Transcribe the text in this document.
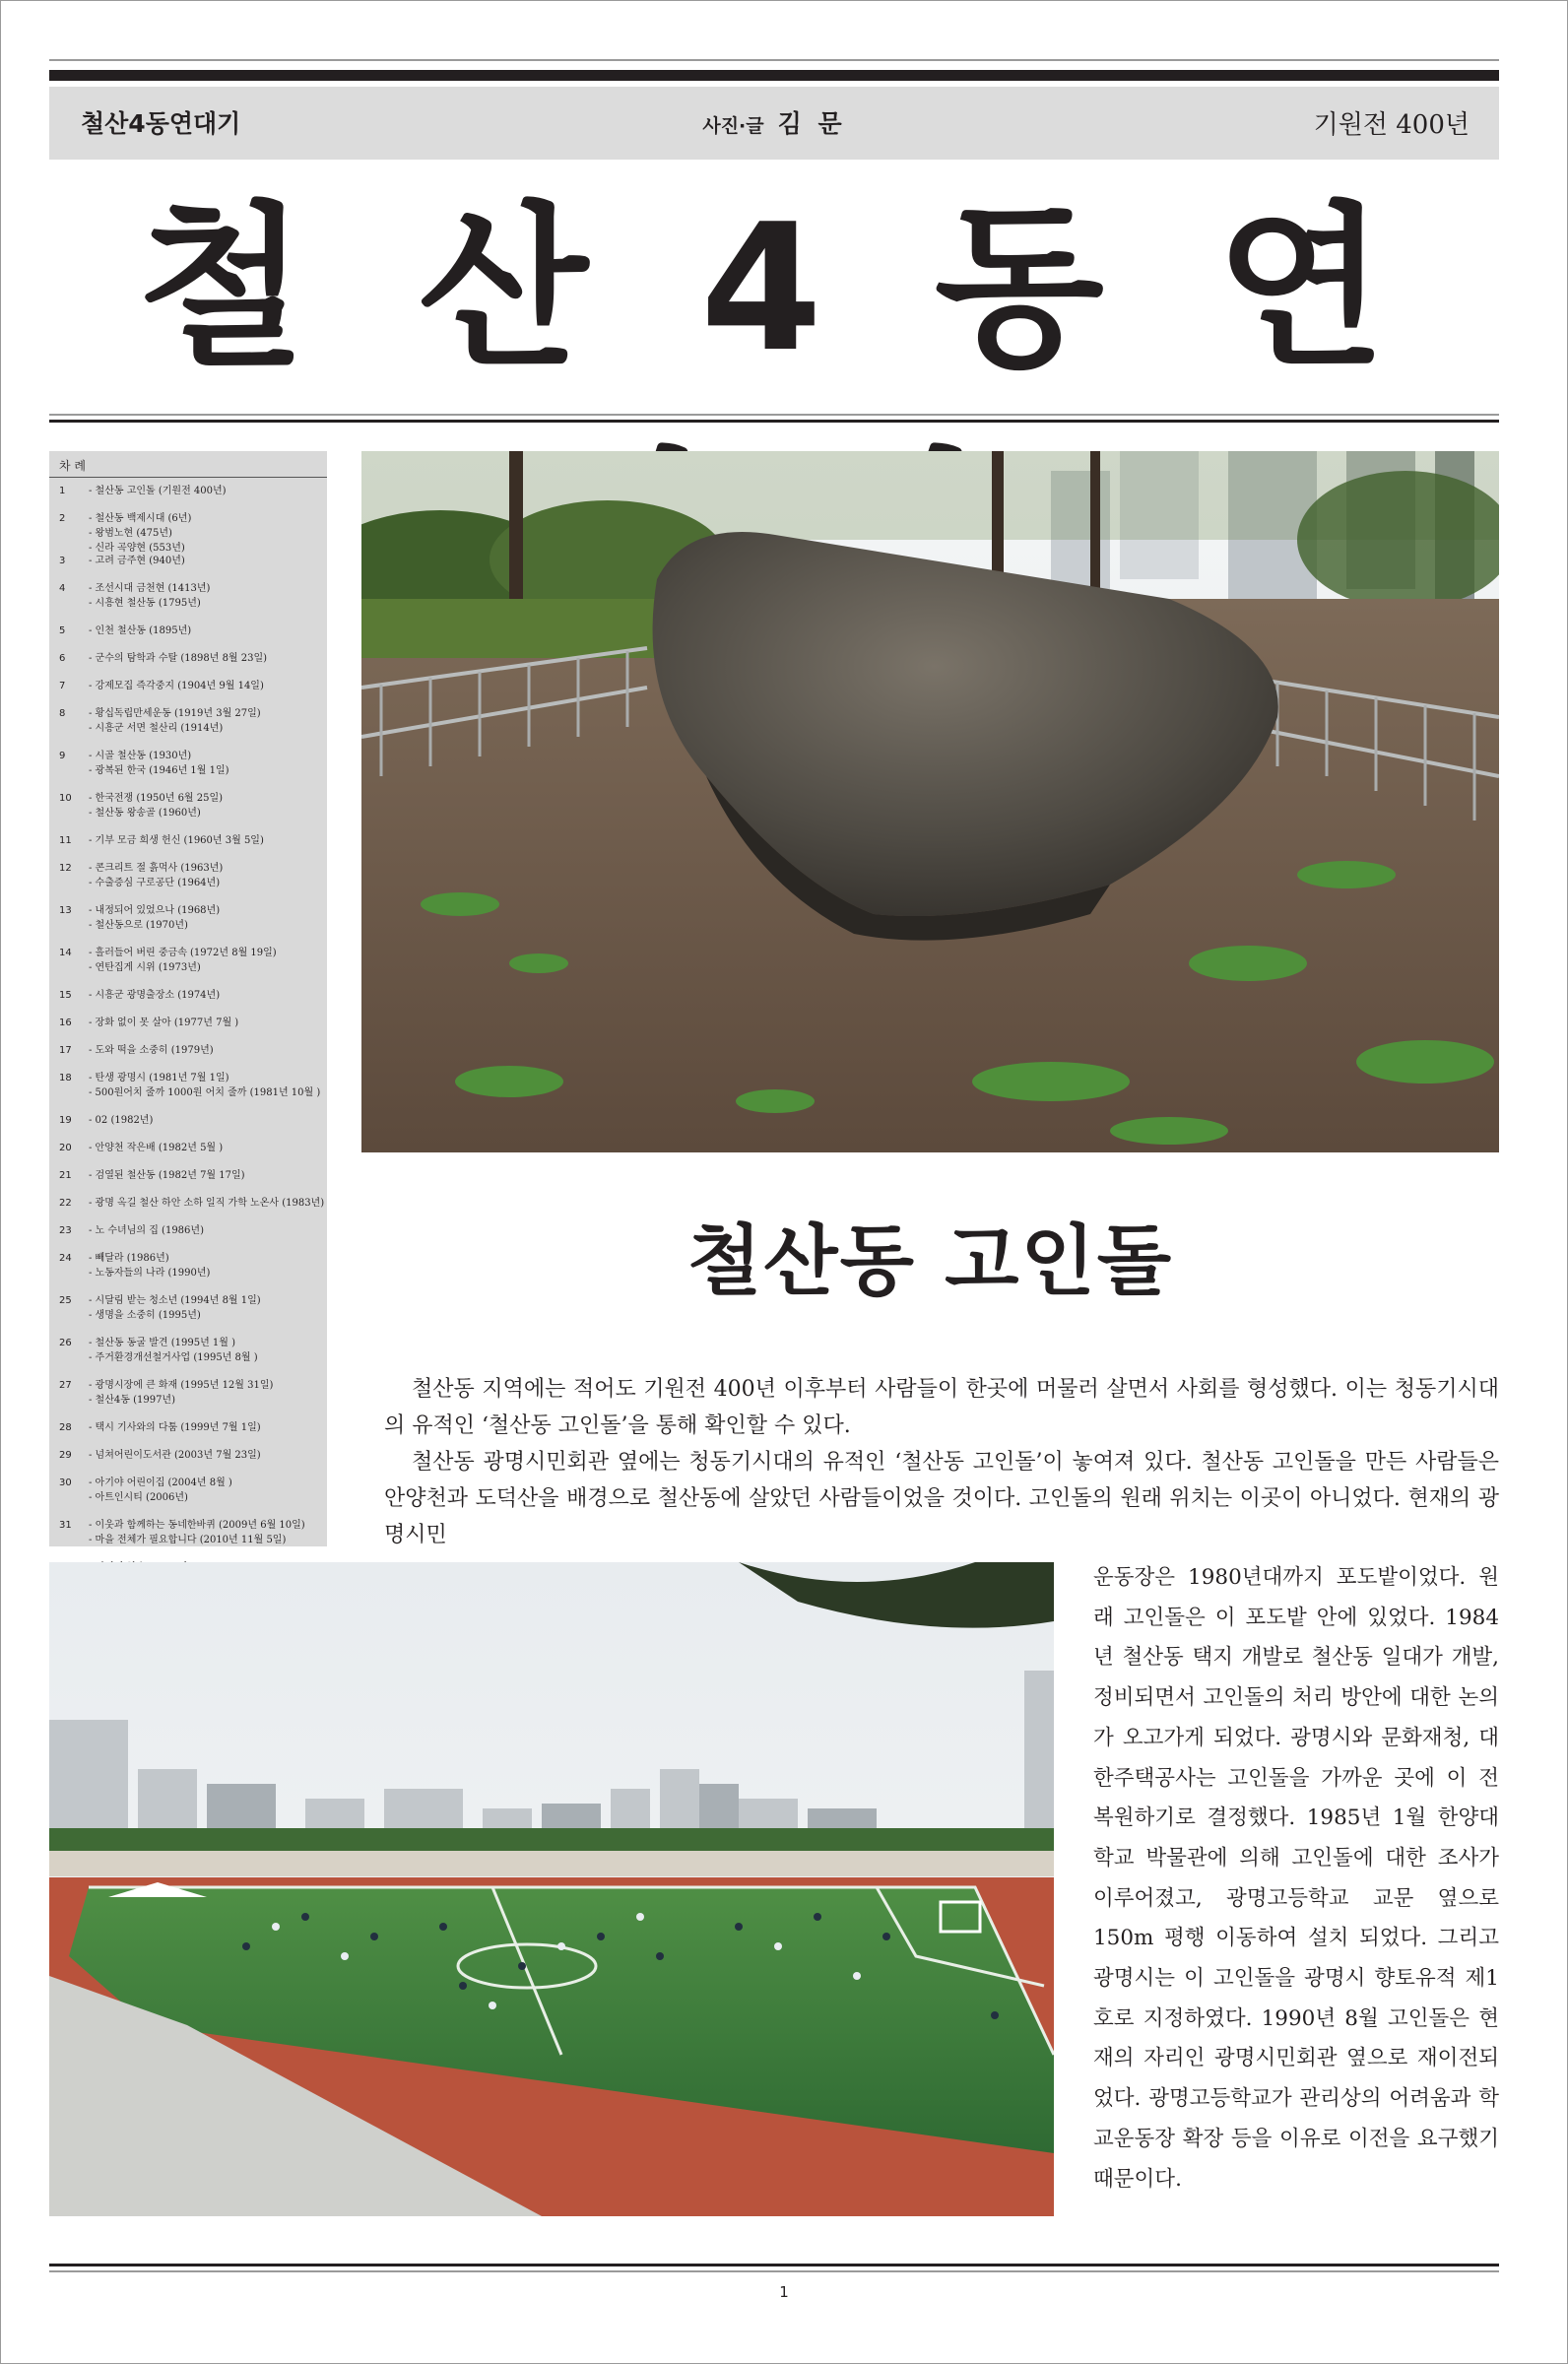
철산4동연대기	사진·글 김 문	기원전 400년
철 산 4 동 연
차 례
1	- 철산동 고인돌 (기원전 400년)
2	- 철산동 백제시대 (6년)
- 왕범노현 (475년)
- 신라 곡양현 (553년)
3	- 고려 금주현 (940년)
4	- 조선시대 금천현 (1413년)
- 시흥현 철산동 (1795년)
5	- 인천 철산동 (1895년)
6	- 군수의 탐학과 수탈 (1898년 8월 23일)
7	- 강제모집 즉각중지 (1904년 9월 14일)
8	- 황십독립만세운동 (1919년 3월 27일)
- 시흥군 서면 철산리 (1914년)
9	- 시골 철산동 (1930년)
- 광복된 한국 (1946년 1월 1일)
10	- 한국전쟁 (1950년 6월 25일)
- 철산동 왕송골 (1960년)
11	- 기부 모금 희생 헌신 (1960년 3월 5일)
12	- 콘크리트 절 흙먹사 (1963년)
- 수출증심 구로공단 (1964년)
13	- 내정되어 있었으나 (1968년)
- 철산동으로 (1970년)
14	- 흘러들어 버린 중금속 (1972년 8월 19일)
- 연탄집게 시위 (1973년)
15	- 시흥군 광명출장소 (1974년)
16	- 장화 없이 못 살아 (1977년 7월 )
17	- 도와 떡을 소중히 (1979년)
18	- 탄생 광명시 (1981년 7월 1일)
- 500원어치 줄까 1000원 어치 줄까 (1981년 10월 )
19	- 02 (1982년)
20	- 안양천 작은배 (1982년 5월 )
21	- 검열된 철산동 (1982년 7월 17일)
22	- 광명 옥길 철산 하안 소하 일직 가학 노온사 (1983년)
23	- 노 수녀님의 집 (1986년)
24	- 빼달라 (1986년)
- 노동자들의 나라 (1990년)
25	- 시달림 받는 청소년 (1994년 8월 1일)
- 생명을 소중히 (1995년)
26	- 철산동 동굴 발견 (1995년 1월 )
- 주거환경개선철거사업 (1995년 8월 )
27	- 광명시장에 큰 화재 (1995년 12월 31일)
- 철산4동 (1997년)
28	- 택시 기사와의 다툼 (1999년 7월 1일)
29	- 넘쳐어린이도서관 (2003년 7월 23일)
30	- 아기야 어린이집 (2004년 8월 )
- 아트인시티 (2006년)
31	- 이웃과 함께하는 동네한바퀴 (2009년 6월 10일)
- 마을 전체가 필요합니다 (2010년 11월 5일)
철산동 고인돌

철산동 지역에는 적어도 기원전 400년 이후부터 사람들이 한곳에 머물러 살면서 사회를 형성했다. 이는 청동기시대의 유적인 ‘철산동 고인돌’을 통해 확인할 수 있다.

철산동 광명시민회관 옆에는 청동기시대의 유적인 ‘철산동 고인돌’이 놓여져 있다. 철산동 고인돌을 만든 사람들은 안양천과 도덕산을 배경으로 철산동에 살았던 사람들이었을 것이다. 고인돌의 원래 위치는 이곳이 아니었다. 현재의 광명시민

운동장은 1980년대까지 포도밭이었다. 원래 고인돌은 이 포도밭 안에 있었다. 1984년 철산동 택지 개발로 철산동 일대가 개발, 정비되면서 고인돌의 처리 방안에 대한 논의가 오고가게 되었다. 광명시와 문화재청, 대한주택공사는 고인돌을 가까운 곳에 이 전 복원하기로 결정했다. 1985년 1월 한양대학교 박물관에 의해 고인돌에 대한 조사가 이루어졌고, 광명고등학교 교문 옆으로 150m 평행 이동하여 설치 되었다. 그리고 광명시는 이 고인돌을 광명시 향토유적 제1호로 지정하였다. 1990년 8월 고인돌은 현재의 자리인 광명시민회관 옆으로 재이전되었다. 광명고등학교가 관리상의 어려움과 학교운동장 확장 등을 이유로 이전을 요구했기 때문이다.

1
